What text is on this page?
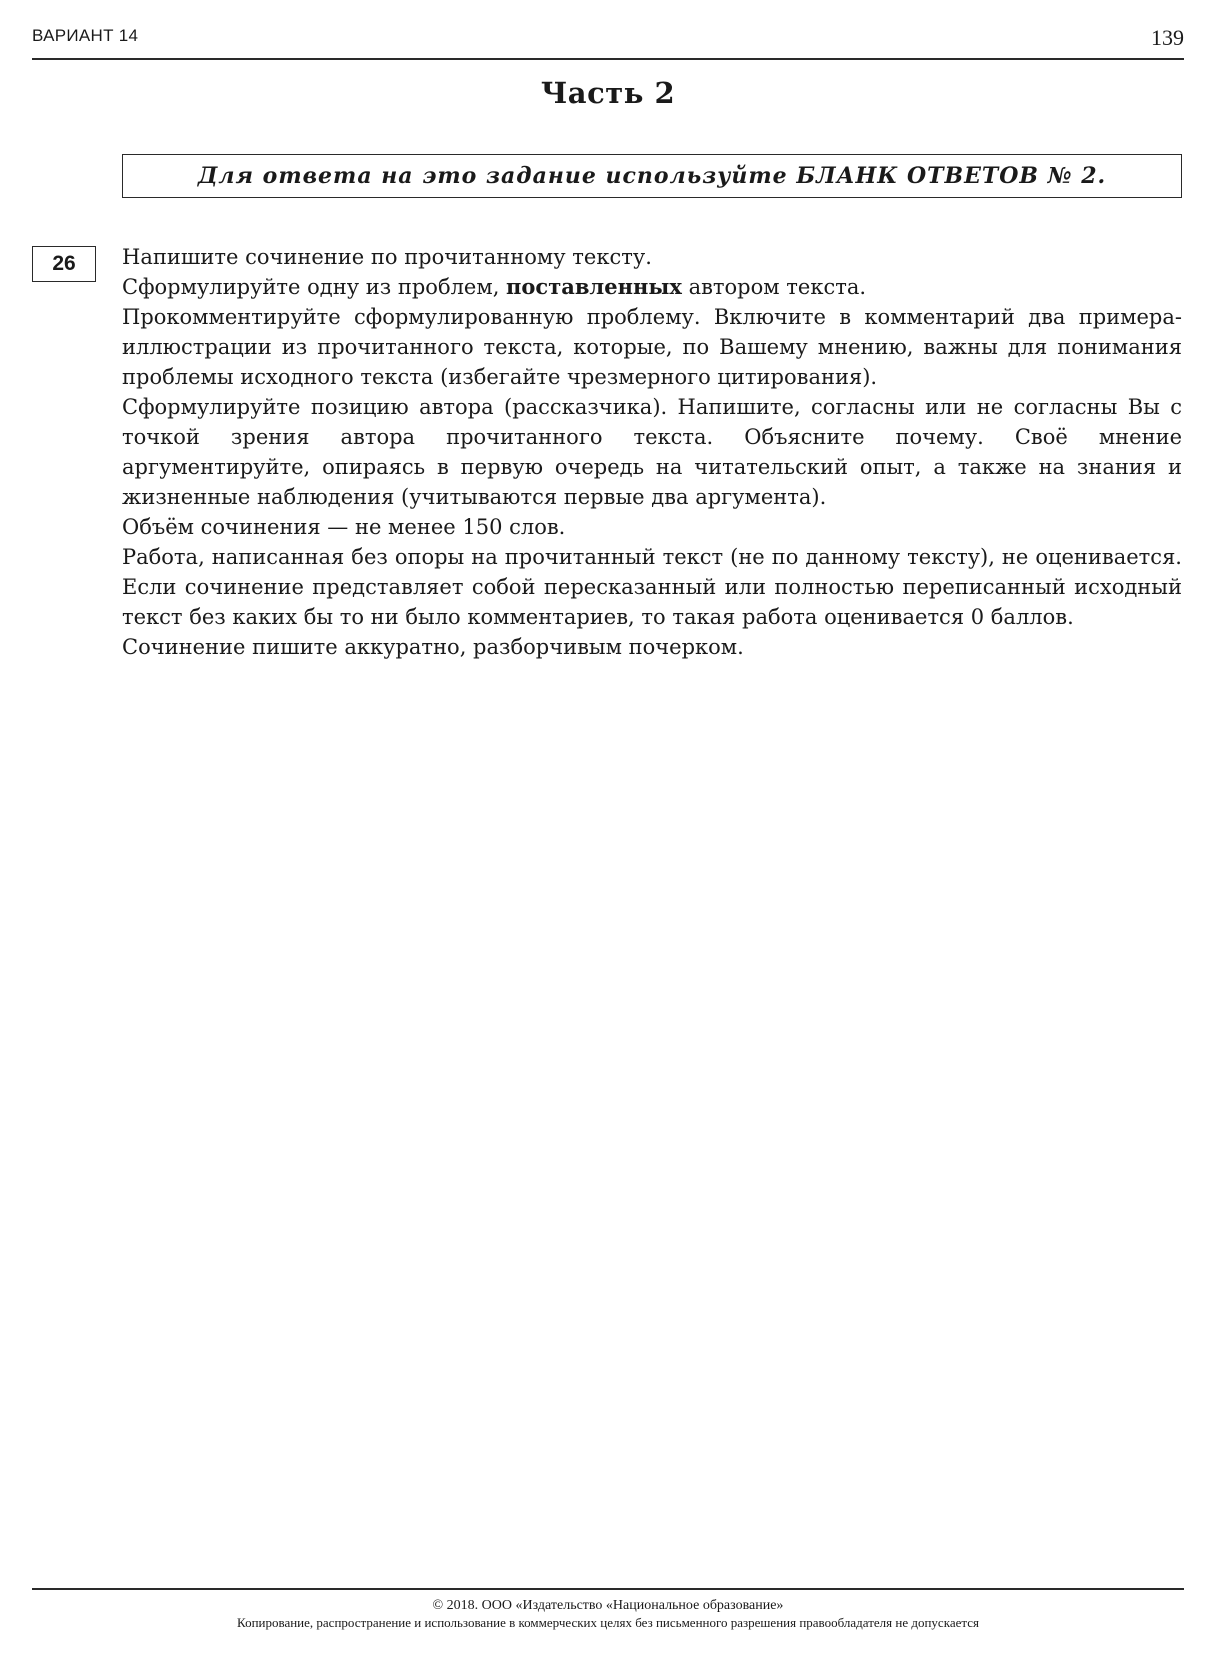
ВАРИАНТ 14	139
Часть 2
Для ответа на это задание используйте БЛАНК ОТВЕТОВ № 2.
26	Напишите сочинение по прочитанному тексту.

Сформулируйте одну из проблем, поставленных автором текста.

Прокомментируйте сформулированную проблему. Включите в комментарий два примера-иллюстрации из прочитанного текста, которые, по Вашему мнению, важны для понимания проблемы исходного текста (избегайте чрезмерного цитирования).

Сформулируйте позицию автора (рассказчика). Напишите, согласны или не согласны Вы с точкой зрения автора прочитанного текста. Объясните почему. Своё мнение аргументируйте, опираясь в первую очередь на читательский опыт, а также на знания и жизненные наблюдения (учитываются первые два аргумента).

Объём сочинения — не менее 150 слов.

Работа, написанная без опоры на прочитанный текст (не по данному тексту), не оценивается. Если сочинение представляет собой пересказанный или полностью переписанный исходный текст без каких бы то ни было комментариев, то такая работа оценивается 0 баллов.

Сочинение пишите аккуратно, разборчивым почерком.

© 2018. ООО «Издательство «Национальное образование»
Копирование, распространение и использование в коммерческих целях без письменного разрешения правообладателя не допускается
